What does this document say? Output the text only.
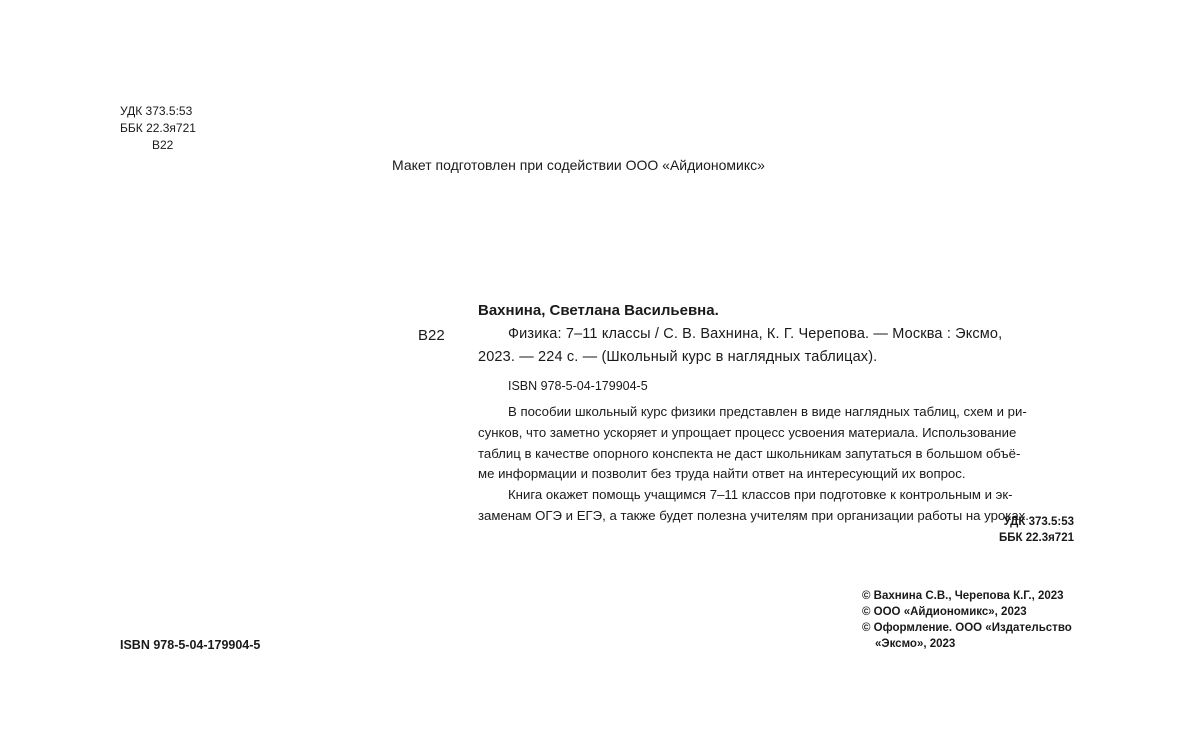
УДК 373.5:53
ББК 22.3я721
В22
Макет подготовлен при содействии ООО «Айдиономикс»
В22
Вахнина, Светлана Васильевна.

Физика: 7–11 классы / С. В. Вахнина, К. Г. Черепова. — Москва : Эксмо,
2023. — 224 с. — (Школьный курс в наглядных таблицах).

ISBN 978-5-04-179904-5

В пособии школьный курс физики представлен в виде наглядных таблиц, схем и ри-
сунков, что заметно ускоряет и упрощает процесс усвоения материала. Использование
таблиц в качестве опорного конспекта не даст школьникам запутаться в большом объё-
ме информации и позволит без труда найти ответ на интересующий их вопрос.

Книга окажет помощь учащимся 7–11 классов при подготовке к контрольным и эк-
заменам ОГЭ и ЕГЭ, а также будет полезна учителям при организации работы на уроках.

УДК 373.5:53
ББК 22.3я721
© Вахнина С.В., Черепова К.Г., 2023
© ООО «Айдиономикс», 2023
© Оформление. ООО «Издательство
«Эксмо», 2023
ISBN 978-5-04-179904-5
